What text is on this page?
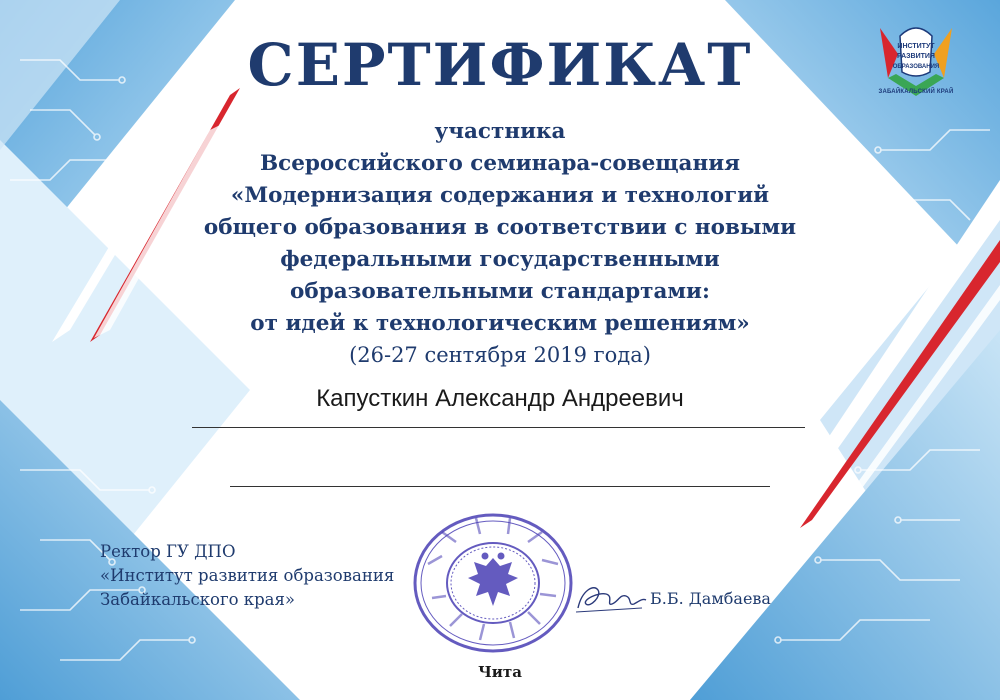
ИНСТИТУТ
РАЗВИТИЯ
ОБРАЗОВАНИЯ
ЗАБАЙКАЛЬСКИЙ КРАЙ
СЕРТИФИКАТ
участника
Всероссийского семинара-совещания
«Модернизация содержания и технологий
общего образования в соответствии с новыми
федеральными государственными
образовательными стандартами:
от идей к технологическим решениям»
(26-27 сентября 2019 года)
Капусткин Александр Андреевич
Ректор ГУ ДПО
«Институт развития образования
Забайкальского края»	Б.Б. Дамбаева
Чита
